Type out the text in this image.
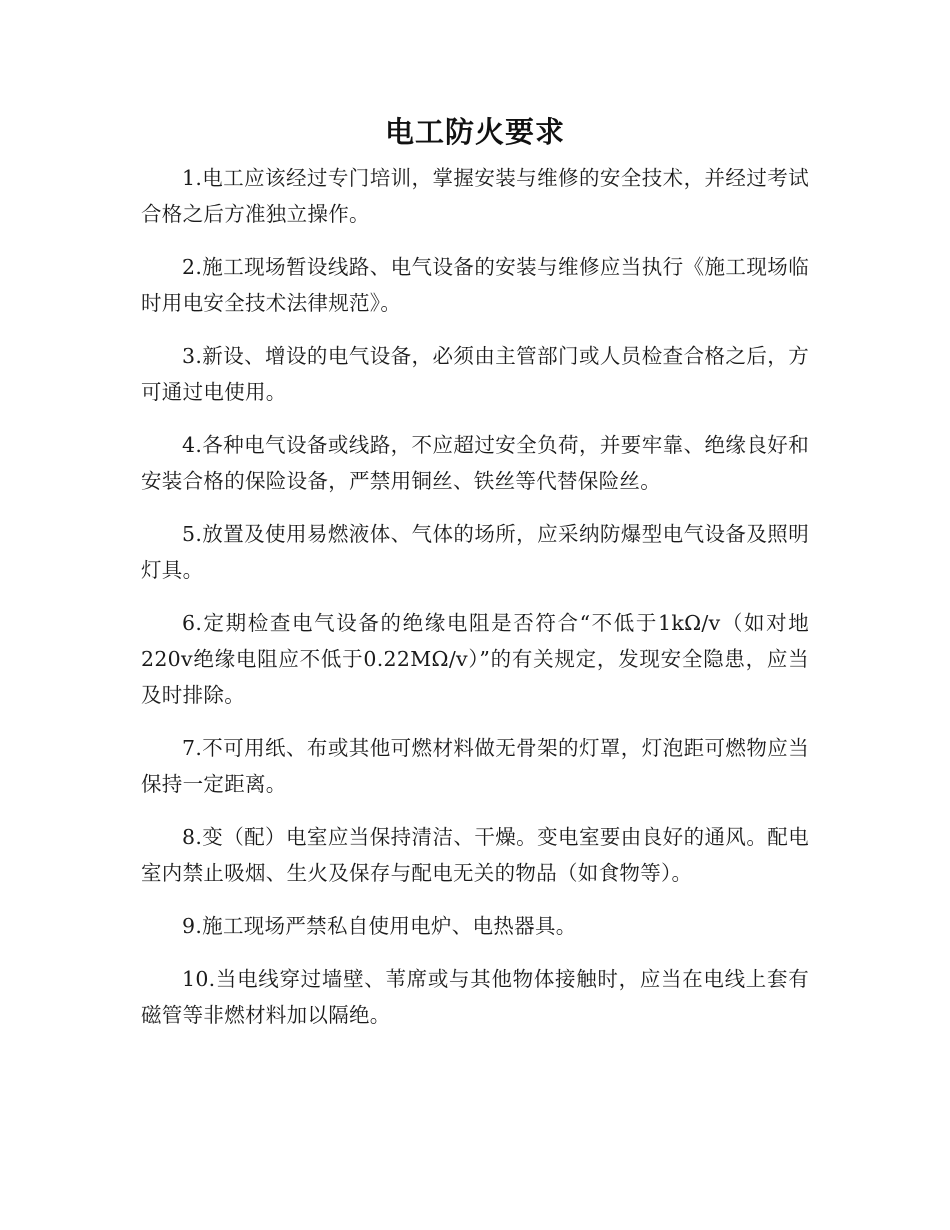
电工防火要求

1.电工应该经过专门培训，掌握安装与维修的安全技术，并经过考试合格之后方准独立操作。

2.施工现场暂设线路、电气设备的安装与维修应当执行《施工现场临时用电安全技术法律规范》。

3.新设、增设的电气设备，必须由主管部门或人员检查合格之后，方可通过电使用。

4.各种电气设备或线路，不应超过安全负荷，并要牢靠、绝缘良好和安装合格的保险设备，严禁用铜丝、铁丝等代替保险丝。

5.放置及使用易燃液体、气体的场所，应采纳防爆型电气设备及照明灯具。

6.定期检查电气设备的绝缘电阻是否符合“不低于1kΩ/v（如对地220v绝缘电阻应不低于0.22MΩ/v）”的有关规定，发现安全隐患，应当及时排除。

7.不可用纸、布或其他可燃材料做无骨架的灯罩，灯泡距可燃物应当保持一定距离。

8.变（配）电室应当保持清洁、干燥。变电室要由良好的通风。配电室内禁止吸烟、生火及保存与配电无关的物品（如食物等）。

9.施工现场严禁私自使用电炉、电热器具。

10.当电线穿过墙壁、苇席或与其他物体接触时，应当在电线上套有磁管等非燃材料加以隔绝。
